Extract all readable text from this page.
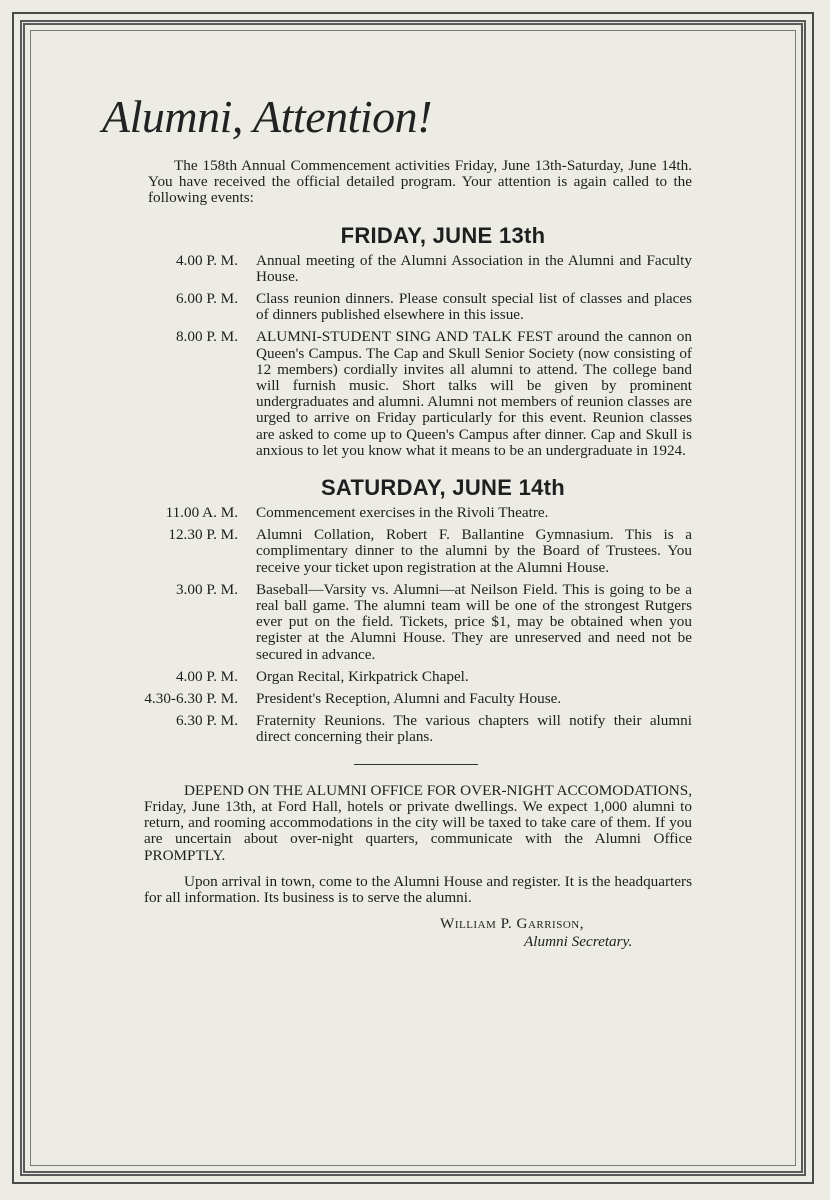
Alumni, Attention!

The 158th Annual Commencement activities Friday, June 13th-Saturday, June 14th. You have received the official detailed program. Your attention is again called to the following events:

FRIDAY, JUNE 13th
4.00 P. M.	Annual meeting of the Alumni Association in the Alumni and Faculty House.
6.00 P. M.	Class reunion dinners. Please consult special list of classes and places of dinners published elsewhere in this issue.
8.00 P. M.	ALUMNI-STUDENT SING AND TALK FEST around the cannon on Queen's Campus. The Cap and Skull Senior Society (now consisting of 12 members) cordially invites all alumni to attend. The college band will furnish music. Short talks will be given by prominent undergraduates and alumni. Alumni not members of reunion classes are urged to arrive on Friday particularly for this event. Reunion classes are asked to come up to Queen's Campus after dinner. Cap and Skull is anxious to let you know what it means to be an undergraduate in 1924.
SATURDAY, JUNE 14th
11.00 A. M.	Commencement exercises in the Rivoli Theatre.
12.30 P. M.	Alumni Collation, Robert F. Ballantine Gymnasium. This is a complimentary dinner to the alumni by the Board of Trustees. You receive your ticket upon registration at the Alumni House.
3.00 P. M.	Baseball—Varsity vs. Alumni—at Neilson Field. This is going to be a real ball game. The alumni team will be one of the strongest Rutgers ever put on the field. Tickets, price $1, may be obtained when you register at the Alumni House. They are unreserved and need not be secured in advance.
4.00 P. M.	Organ Recital, Kirkpatrick Chapel.
4.30-6.30 P. M.	President's Reception, Alumni and Faculty House.
6.30 P. M.	Fraternity Reunions. The various chapters will notify their alumni direct concerning their plans.

DEPEND ON THE ALUMNI OFFICE FOR OVER-NIGHT ACCOMODATIONS, Friday, June 13th, at Ford Hall, hotels or private dwellings. We expect 1,000 alumni to return, and rooming accommodations in the city will be taxed to take care of them. If you are uncertain about over-night quarters, communicate with the Alumni Office PROMPTLY.

Upon arrival in town, come to the Alumni House and register. It is the headquarters for all information. Its business is to serve the alumni.

William P. Garrison,
Alumni Secretary.
